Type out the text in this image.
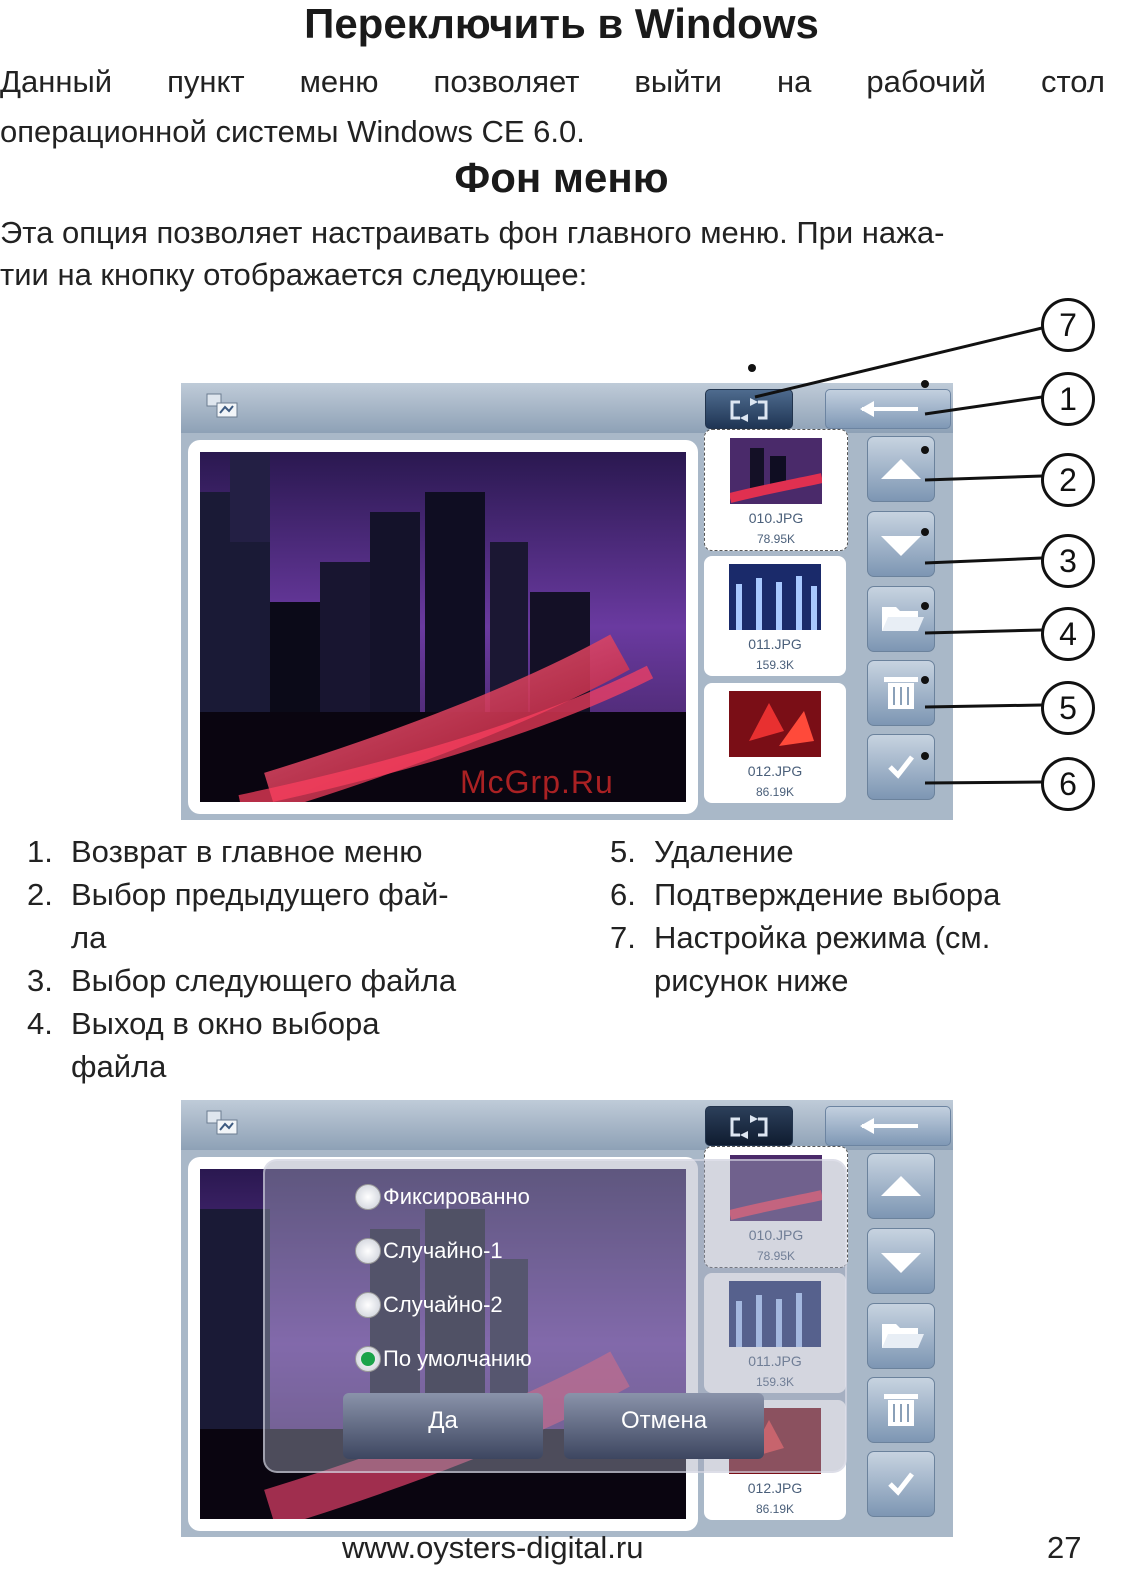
Переключить в Windows
Данный пункт меню позволяет выйти на рабочий стол
операционной системы Windows CE 6.0.
Фон меню
Эта опция позволяет настраивать фон главного меню. При нажа-
тии на кнопку отображается следующее:
010.JPG
78.95K
011.JPG
159.3K
012.JPG
86.19K
7
1
2
3
4
5
6
McGrp.Ru
1. Возврат в главное меню
2. Выбор предыдущего фай-
ла
3. Выбор следующего файла
4. Выход в окно выбора
файла
5. Удаление
6. Подтверждение выбора
7. Настройка режима (см.
рисунок ниже
010.JPG
78.95K
011.JPG
159.3K
012.JPG
86.19K
Фиксированно
Случайно-1
Случайно-2
По умолчанию
Да	Отмена
www.oysters-digital.ru	27
